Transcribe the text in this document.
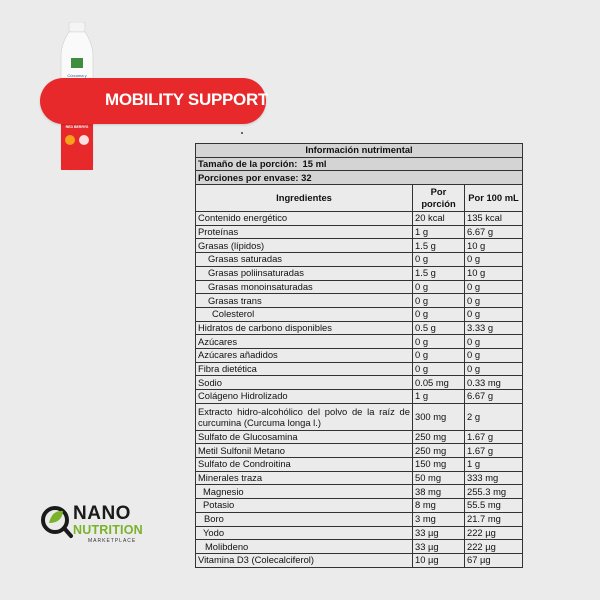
Cúrcuma y
RED BERRYS
MOBILITY SUPPORT
Información nutrimental		
Tamaño de la porción: 15 ml		
Porciones por envase: 32		
Ingredientes	Por porción	Por 100 mL
Contenido energético	20 kcal	135 kcal
Proteínas	1 g	6.67 g
Grasas (lípidos)	1.5 g	10 g
Grasas saturadas	0 g	0 g
Grasas poliinsaturadas	1.5 g	10 g
Grasas monoinsaturadas	0 g	0 g
Grasas trans	0 g	0 g
Colesterol	0 g	0 g
Hidratos de carbono disponibles	0.5 g	3.33 g
Azúcares	0 g	0 g
Azúcares añadidos	0 g	0 g
Fibra dietética	0 g	0 g
Sodio	0.05 mg	0.33 mg
Colágeno Hidrolizado	1 g	6.67 g
Extracto hidro-alcohólico del polvo de la raíz de curcumina (Curcuma longa l.)	300 mg	2 g
Sulfato de Glucosamina	250 mg	1.67 g
Metil Sulfonil Metano	250 mg	1.67 g
Sulfato de Condroitina	150 mg	1 g
Minerales traza	50 mg	333 mg
Magnesio	38 mg	255.3 mg
Potasio	8 mg	55.5 mg
Boro	3 mg	21.7 mg
Yodo	33 µg	222 µg
Molibdeno	33 µg	222 µg
Vitamina D3 (Colecalciferol)	10 µg	67 µg
NANO
NUTRITION
MARKETPLACE
